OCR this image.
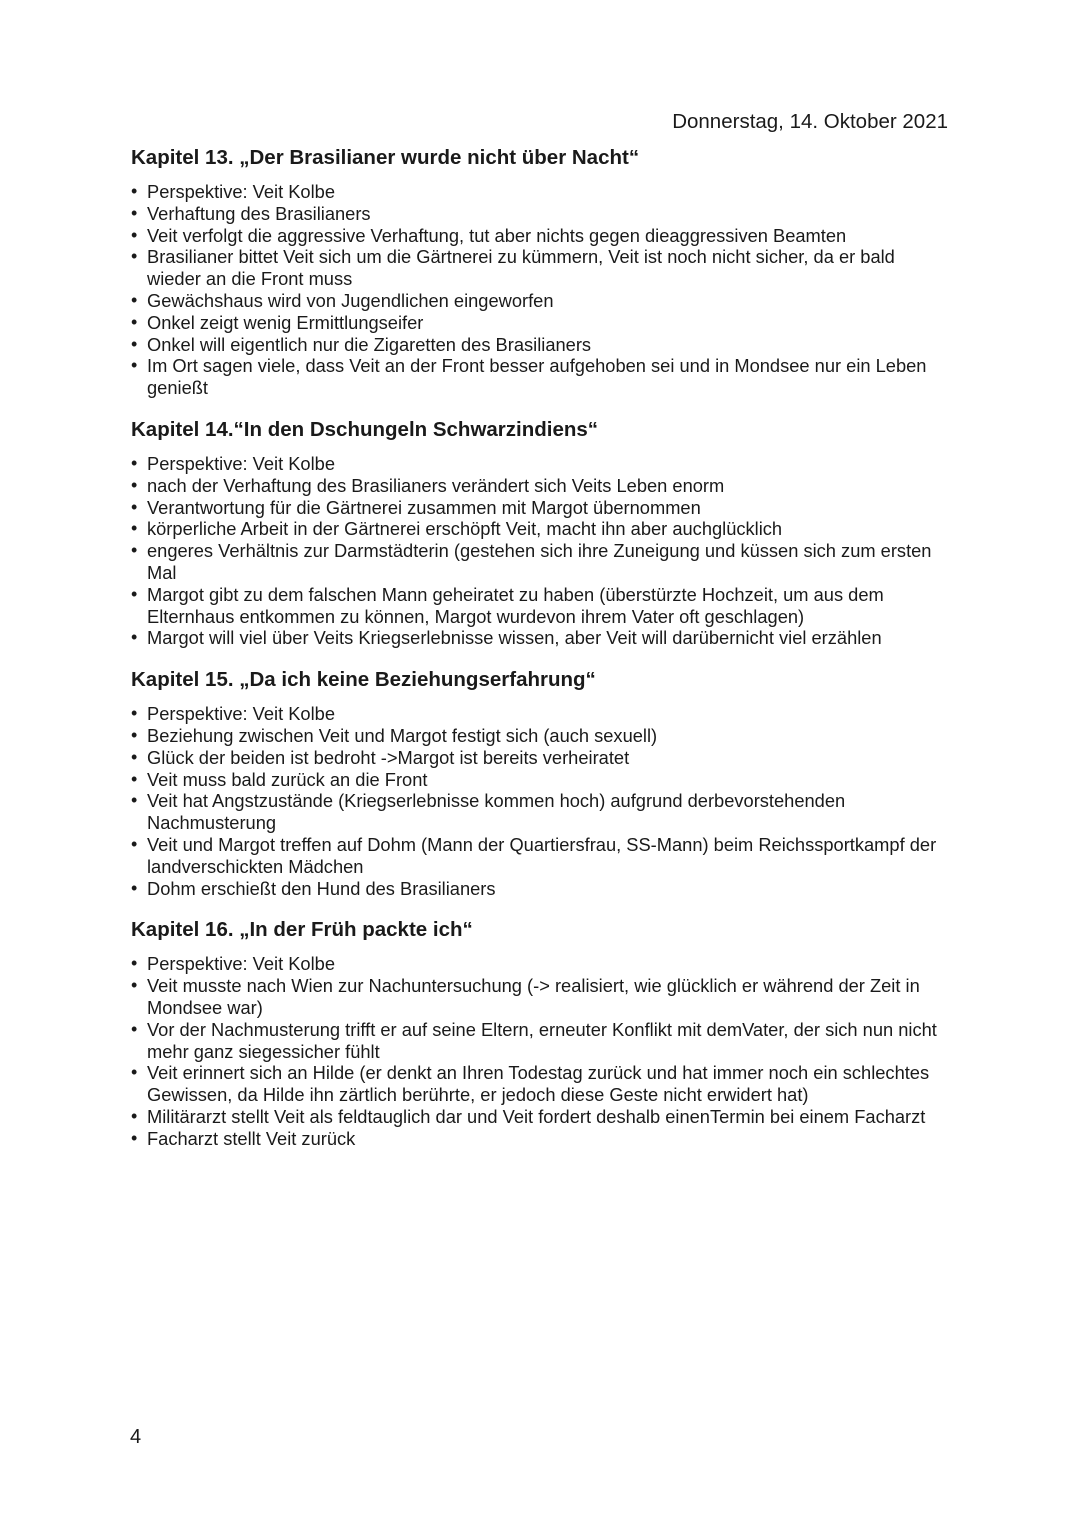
Donnerstag, 14. Oktober 2021
Kapitel 13. „Der Brasilianer wurde nicht über Nacht“
• Perspektive: Veit Kolbe
• Verhaftung des Brasilianers
• Veit verfolgt die aggressive Verhaftung, tut aber nichts gegen dieaggressiven Beamten
• Brasilianer bittet Veit sich um die Gärtnerei zu kümmern, Veit ist noch nicht sicher, da er bald wieder an die Front muss
• Gewächshaus wird von Jugendlichen eingeworfen
• Onkel zeigt wenig Ermittlungseifer
• Onkel will eigentlich nur die Zigaretten des Brasilianers
• Im Ort sagen viele, dass Veit an der Front besser aufgehoben sei und in Mondsee nur ein Leben genießt
Kapitel 14.“In den Dschungeln Schwarzindiens“
• Perspektive: Veit Kolbe
• nach der Verhaftung des Brasilianers verändert sich Veits Leben enorm
• Verantwortung für die Gärtnerei zusammen mit Margot übernommen
• körperliche Arbeit in der Gärtnerei erschöpft Veit, macht ihn aber auchglücklich
• engeres Verhältnis zur Darmstädterin (gestehen sich ihre Zuneigung und küssen sich zum ersten Mal
• Margot gibt zu dem falschen Mann geheiratet zu haben (überstürzte Hochzeit, um aus dem Elternhaus entkommen zu können, Margot wurdevon ihrem Vater oft geschlagen)
• Margot will viel über Veits Kriegserlebnisse wissen, aber Veit will darübernicht viel erzählen
Kapitel 15. „Da ich keine Beziehungserfahrung“
• Perspektive: Veit Kolbe
• Beziehung zwischen Veit und Margot festigt sich (auch sexuell)
• Glück der beiden ist bedroht ->Margot ist bereits verheiratet
• Veit muss bald zurück an die Front
• Veit hat Angstzustände (Kriegserlebnisse kommen hoch) aufgrund derbevorstehenden Nachmusterung
• Veit und Margot treffen auf Dohm (Mann der Quartiersfrau, SS-Mann) beim Reichssportkampf der landverschickten Mädchen
• Dohm erschießt den Hund des Brasilianers
Kapitel 16. „In der Früh packte ich“
• Perspektive: Veit Kolbe
• Veit musste nach Wien zur Nachuntersuchung (-> realisiert, wie glücklich er während der Zeit in Mondsee war)
• Vor der Nachmusterung trifft er auf seine Eltern, erneuter Konflikt mit demVater, der sich nun nicht mehr ganz siegessicher fühlt
• Veit erinnert sich an Hilde (er denkt an Ihren Todestag zurück und hat immer noch ein schlechtes Gewissen, da Hilde ihn zärtlich berührte, er jedoch diese Geste nicht erwidert hat)
• Militärarzt stellt Veit als feldtauglich dar und Veit fordert deshalb einenTermin bei einem Facharzt
• Facharzt stellt Veit zurück
4
